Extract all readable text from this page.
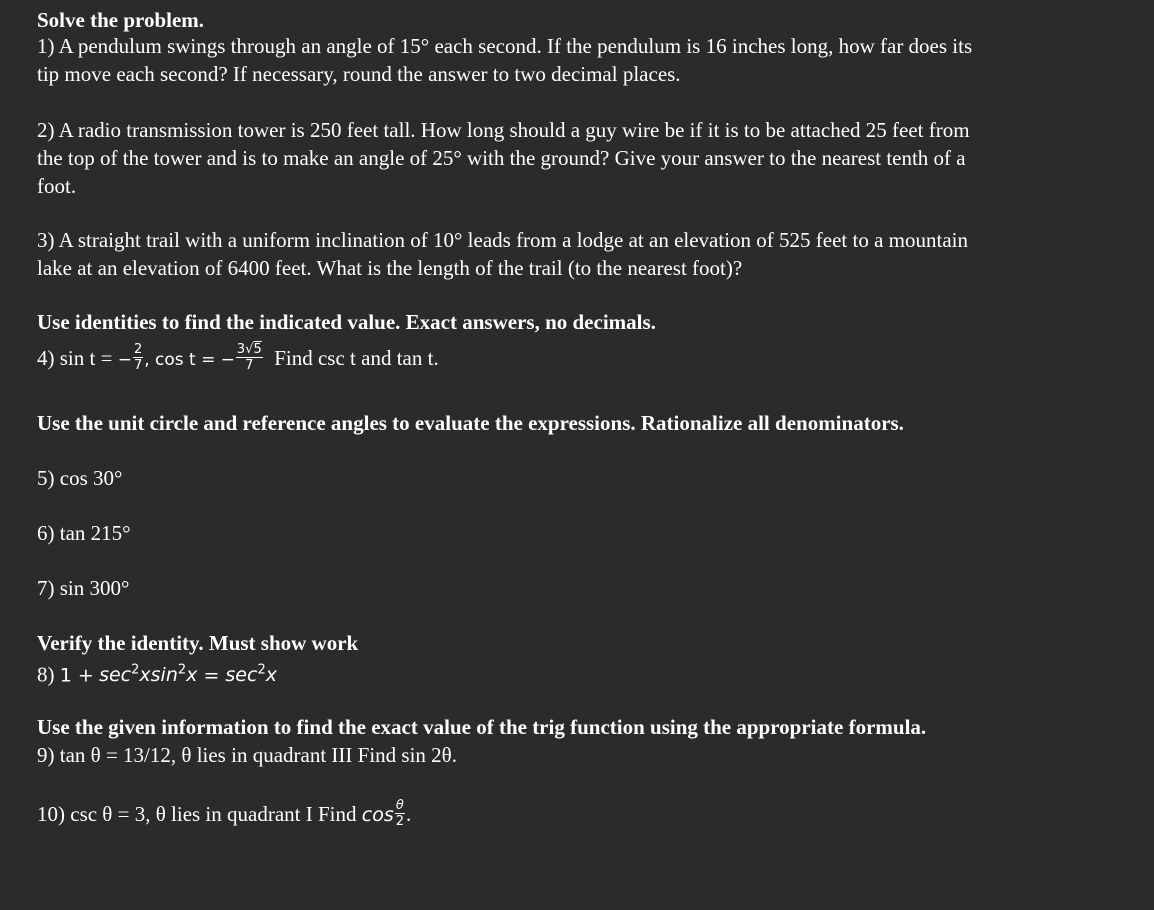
Solve the problem.
1) A pendulum swings through an angle of 15° each second. If the pendulum is 16 inches long, how far does its
tip move each second? If necessary, round the answer to two decimal places.
2) A radio transmission tower is 250 feet tall. How long should a guy wire be if it is to be attached 25 feet from
the top of the tower and is to make an angle of 25° with the ground? Give your answer to the nearest tenth of a
foot.
3) A straight trail with a uniform inclination of 10° leads from a lodge at an elevation of 525 feet to a mountain
lake at an elevation of 6400 feet. What is the length of the trail (to the nearest foot)?
Use identities to find the indicated value. Exact answers, no decimals.
4) sin t = − $\frac{2}{7}$ , cos t = − $\frac{3√5}{7}$ Find csc t and tan t.
Use the unit circle and reference angles to evaluate the expressions. Rationalize all denominators.
5) cos 30°
6) tan 215°
7) sin 300°
Verify the identity. Must show work
8) $1 + \sec^2xsin^2x = \sec^2x$
Use the given information to find the exact value of the trig function using the appropriate formula.
9) tan θ = 13/12, θ lies in quadrant III Find sin 2θ.
10) csc θ = 3, θ lies in quadrant I Find $\cos \frac{\theta}{2}$ .
